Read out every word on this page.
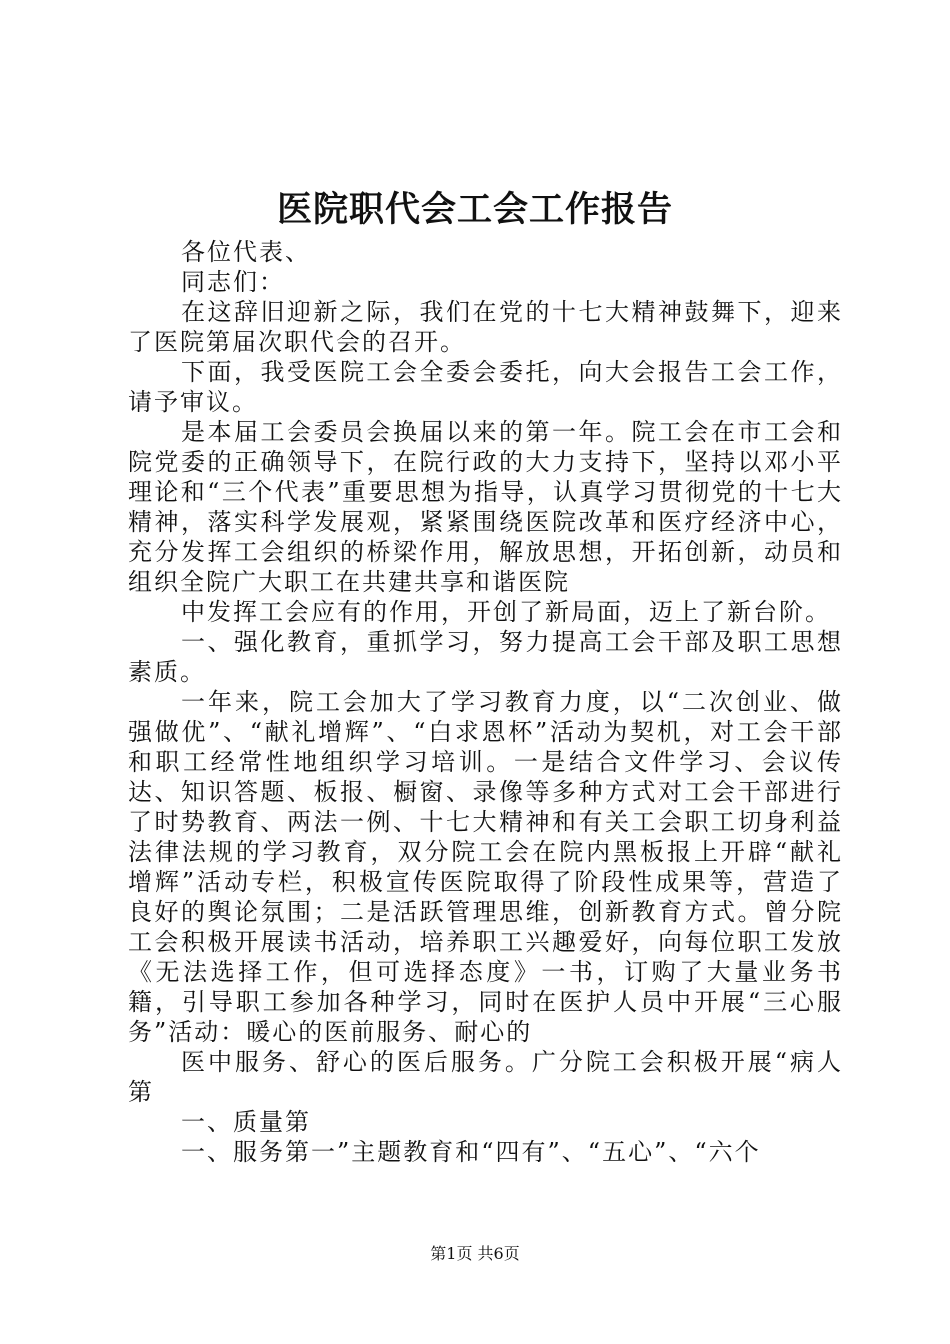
医院职代会工会工作报告

各位代表、

同志们：

在这辞旧迎新之际，我们在党的十七大精神鼓舞下，迎来了医院第届次职代会的召开。

下面，我受医院工会全委会委托，向大会报告工会工作，请予审议。

是本届工会委员会换届以来的第一年。院工会在市工会和院党委的正确领导下，在院行政的大力支持下，坚持以邓小平理论和“三个代表”重要思想为指导，认真学习贯彻党的十七大精神，落实科学发展观，紧紧围绕医院改革和医疗经济中心，充分发挥工会组织的桥梁作用，解放思想，开拓创新，动员和组织全院广大职工在共建共享和谐医院

中发挥工会应有的作用，开创了新局面，迈上了新台阶。

一、强化教育，重抓学习，努力提高工会干部及职工思想素质。

一年来，院工会加大了学习教育力度，以“二次创业、做强做优”、“献礼增辉”、“白求恩杯”活动为契机，对工会干部和职工经常性地组织学习培训。一是结合文件学习、会议传达、知识答题、板报、橱窗、录像等多种方式对工会干部进行了时势教育、两法一例、十七大精神和有关工会职工切身利益法律法规的学习教育，双分院工会在院内黑板报上开辟“献礼增辉”活动专栏，积极宣传医院取得了阶段性成果等，营造了良好的舆论氛围；二是活跃管理思维，创新教育方式。曾分院工会积极开展读书活动，培养职工兴趣爱好，向每位职工发放《无法选择工作，但可选择态度》一书，订购了大量业务书籍，引导职工参加各种学习，同时在医护人员中开展“三心服务”活动：暖心的医前服务、耐心的

医中服务、舒心的医后服务。广分院工会积极开展“病人第

一、质量第

一、服务第一”主题教育和“四有”、“五心”、“六个

第1页 共6页
